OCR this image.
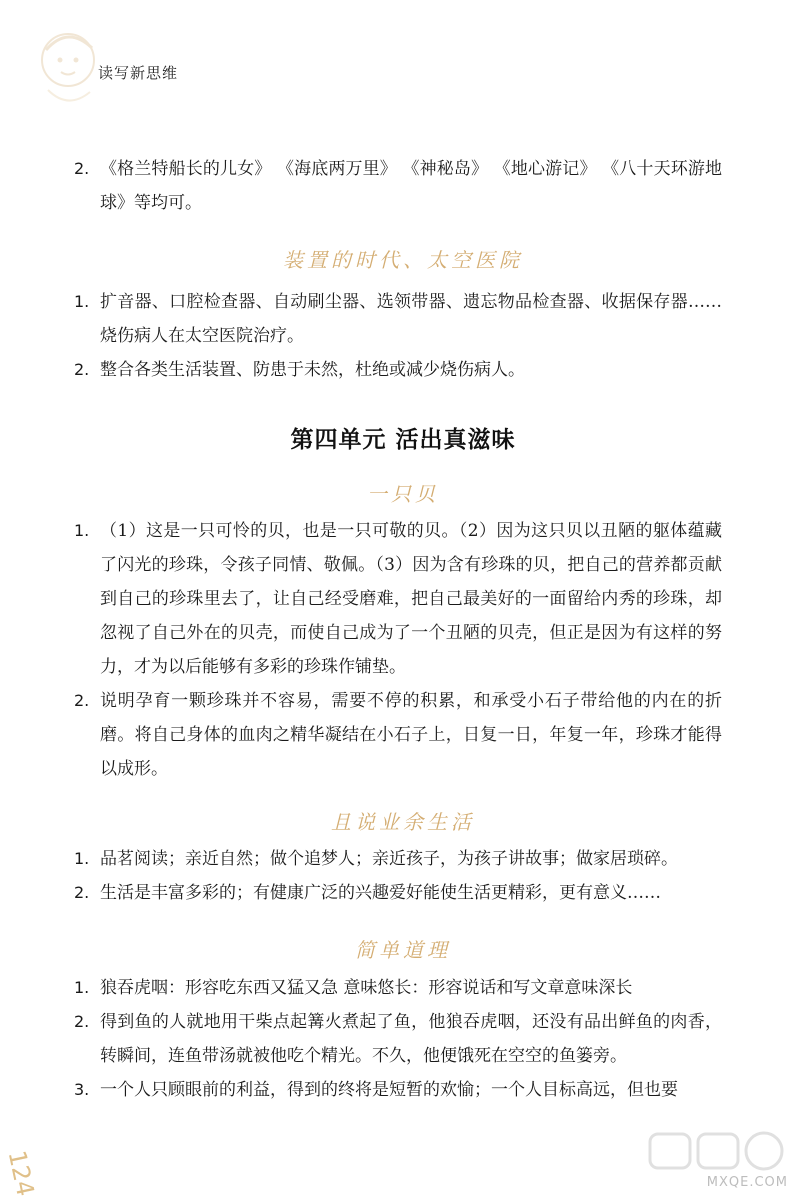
读写新思维
2. 《格兰特船长的儿女》 《海底两万里》 《神秘岛》 《地心游记》 《八十天环游地球》等均可。
装置的时代、太空医院
1. 扩音器、口腔检查器、自动刷尘器、选领带器、遗忘物品检查器、收据保存器……烧伤病人在太空医院治疗。
2. 整合各类生活装置、防患于未然，杜绝或减少烧伤病人。
第四单元 活出真滋味
一只贝
1. （1）这是一只可怜的贝，也是一只可敬的贝。（2）因为这只贝以丑陋的躯体蕴藏了闪光的珍珠，令孩子同情、敬佩。（3）因为含有珍珠的贝，把自己的营养都贡献到自己的珍珠里去了，让自己经受磨难，把自己最美好的一面留给内秀的珍珠，却忽视了自己外在的贝壳，而使自己成为了一个丑陋的贝壳，但正是因为有这样的努力，才为以后能够有多彩的珍珠作铺垫。
2. 说明孕育一颗珍珠并不容易，需要不停的积累，和承受小石子带给他的内在的折磨。将自己身体的血肉之精华凝结在小石子上，日复一日，年复一年，珍珠才能得以成形。
且说业余生活
1. 品茗阅读；亲近自然；做个追梦人；亲近孩子，为孩子讲故事；做家居琐碎。
2. 生活是丰富多彩的；有健康广泛的兴趣爱好能使生活更精彩，更有意义……
简单道理
1. 狼吞虎咽：形容吃东西又猛又急 意味悠长：形容说话和写文章意味深长
2. 得到鱼的人就地用干柴点起篝火煮起了鱼，他狼吞虎咽，还没有品出鲜鱼的肉香，转瞬间，连鱼带汤就被他吃个精光。不久，他便饿死在空空的鱼篓旁。
3. 一个人只顾眼前的利益，得到的终将是短暂的欢愉；一个人目标高远，但也要
124	MXQE.COM
